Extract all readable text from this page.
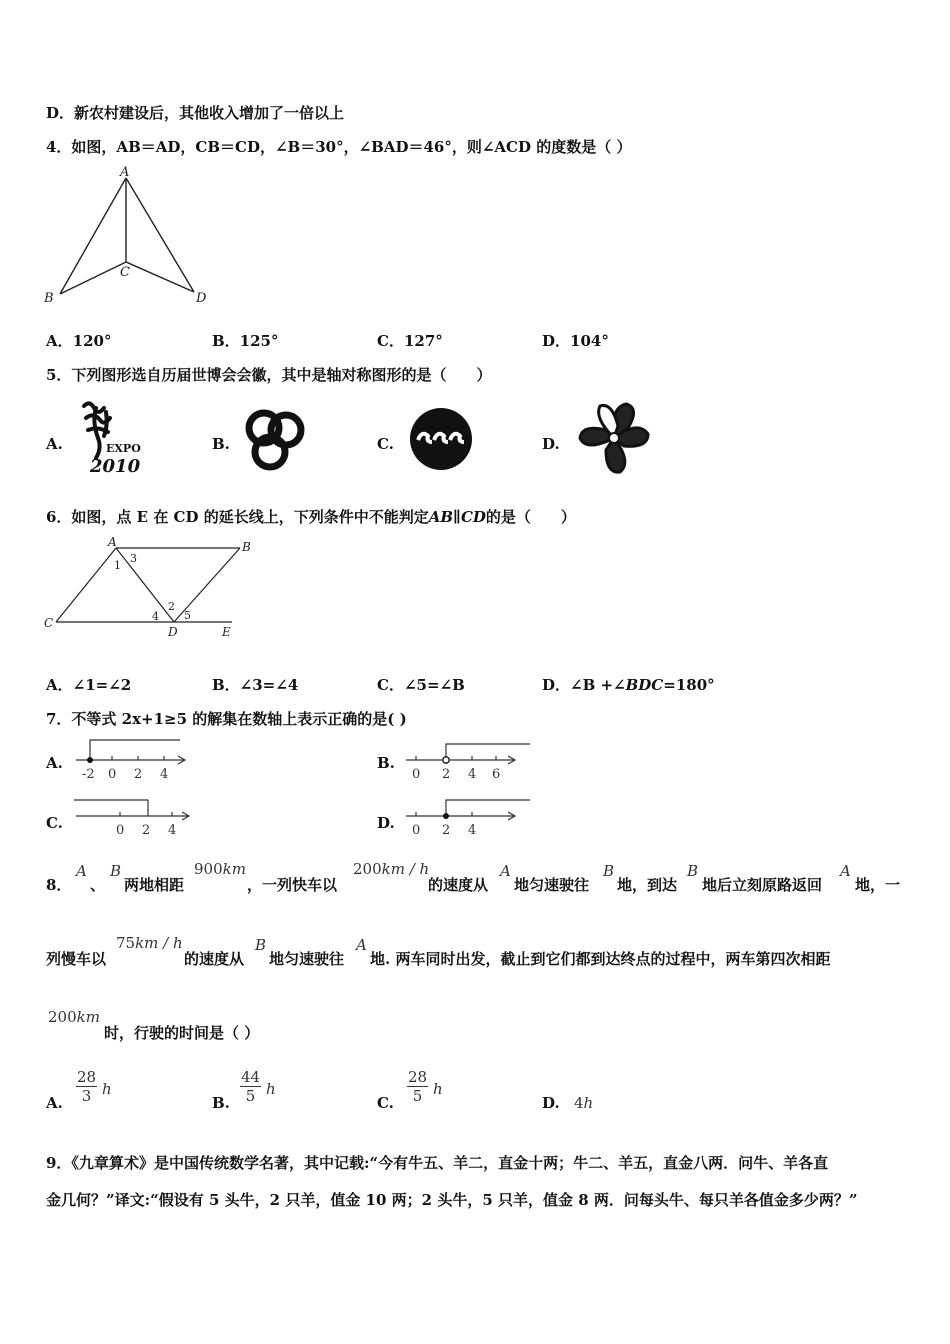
D．新农村建设后，其他收入增加了一倍以上
4．如图，AB＝AD，CB＝CD，∠B＝30°，∠BAD＝46°，则∠ACD 的度数是（ ）
A
C
B	D
A．120°	B．125°	C．127°	D．104°
5．下列图形选自历届世博会会徽，其中是轴对称图形的是（　　）
A.	EXPO
2010
B.	C.	D.
6．如图，点 E 在 CD 的延长线上，下列条件中不能判定AB∥CD的是（　　）
A	B
C
D	E
1
3
2
4 5
A．∠1=∠2	B．∠3=∠4	C．∠5=∠B	D．∠B +∠BDC=180°
7．不等式 2x+1≥5 的解集在数轴上表示正确的是( )
A.
-2 0 2 4
B.
0 2 4 6
C.	0 2 4	D. 0 2 4
8．
A
、
B
两地相距
900km
，一列快车以
200km / h
的速度从
A
地匀速驶往
B
地，到达
B
地后立刻原路返回
A
地，一
列慢车以
75km / h
的速度从
B
地匀速驶往
A
地. 两车同时出发，截止到它们都到达终点的过程中，两车第四次相距
200km
时，行驶的时间是（ ）
A. $\frac{28}{3}$ h
B. $\frac{44}{5}$ h
C. $\frac{28}{5}$ h
D. 4h
9．《九章算术》是中国传统数学名著，其中记载:“今有牛五、羊二，直金十两；牛二、羊五，直金八两．问牛、羊各直
金几何？”译文:“假设有 5 头牛，2 只羊，值金 10 两；2 头牛，5 只羊，值金 8 两．问每头牛、每只羊各值金多少两？”
